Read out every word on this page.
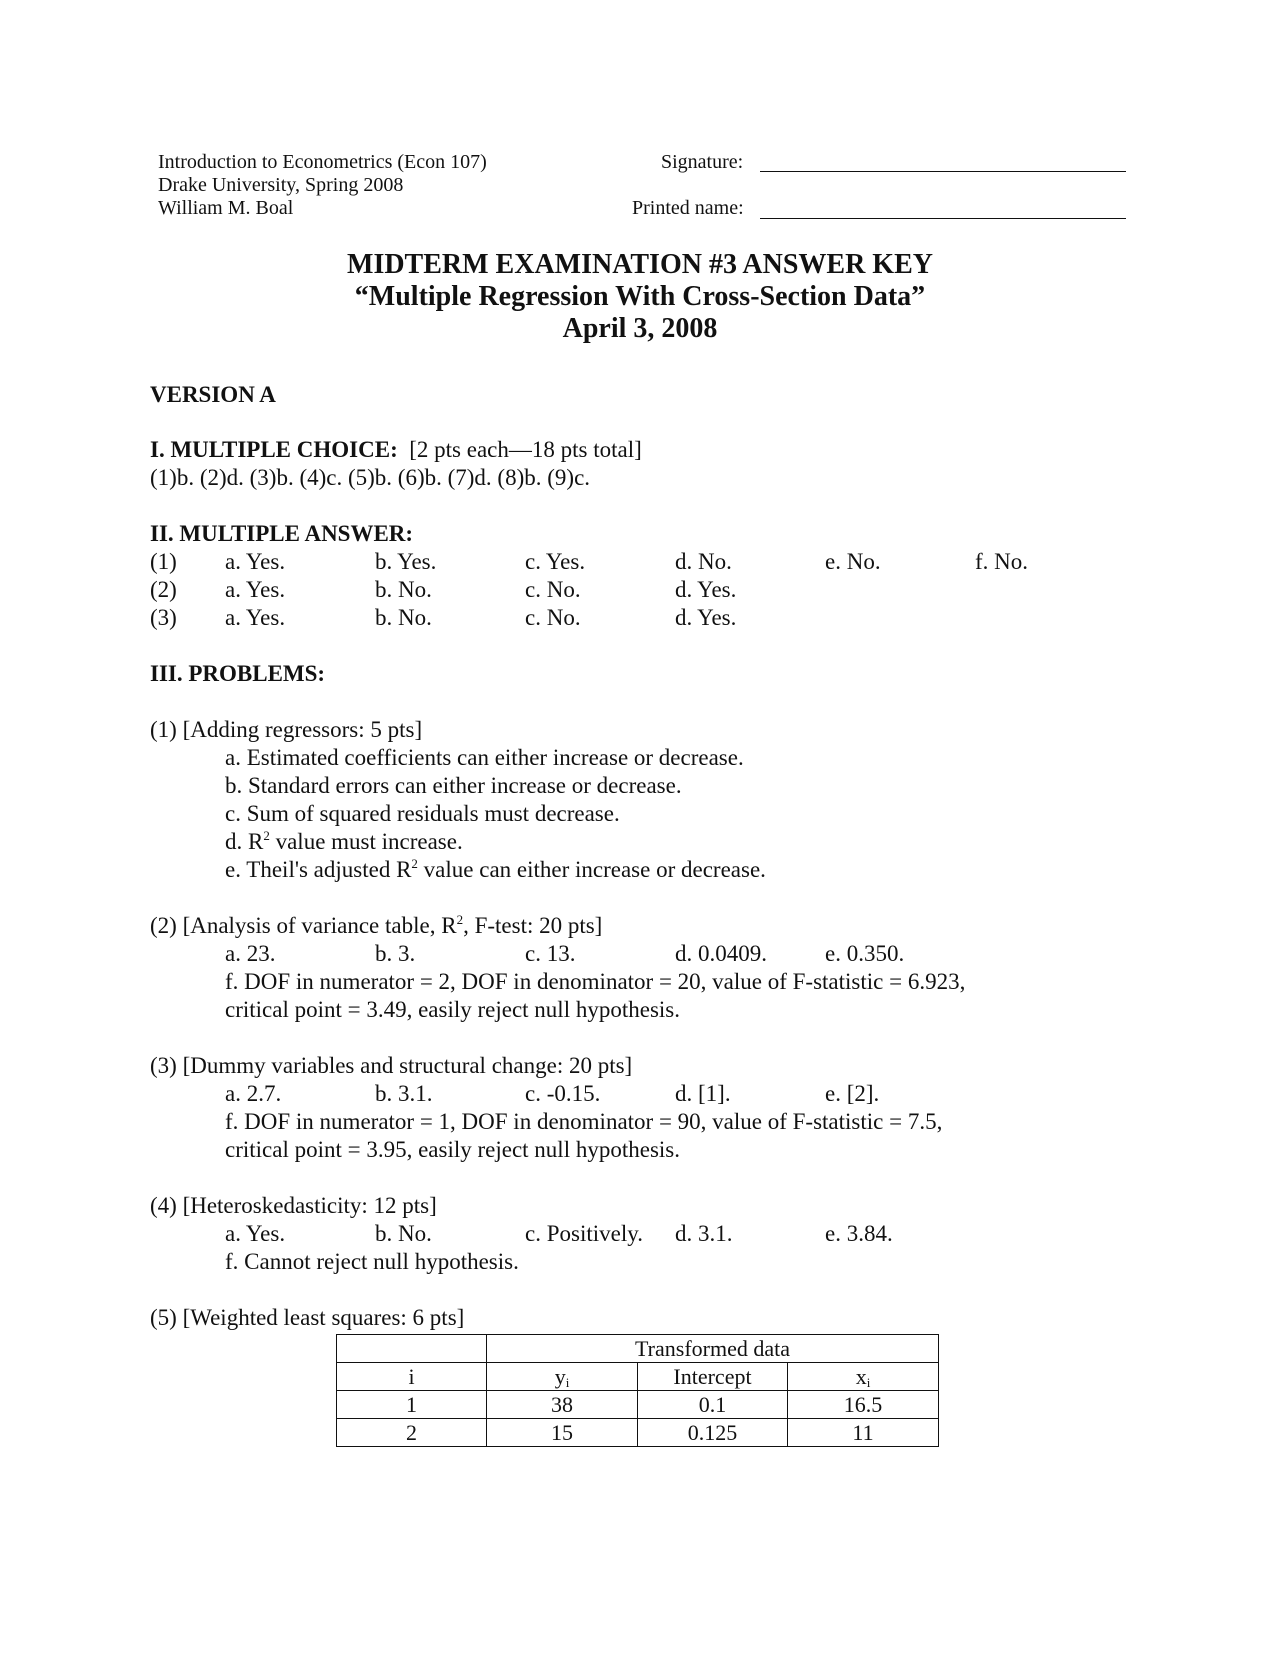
Introduction to Econometrics (Econ 107)
Drake University, Spring 2008
William M. Boal
Signature:
Printed name:
MIDTERM EXAMINATION #3 ANSWER KEY
“Multiple Regression With Cross-Section Data”
April 3, 2008
VERSION A
I. MULTIPLE CHOICE: [2 pts each—18 pts total]
(1)b. (2)d. (3)b. (4)c. (5)b. (6)b. (7)d. (8)b. (9)c.
II. MULTIPLE ANSWER:
(1) a. Yes.	b. Yes.	c. Yes.	d. No.	e. No.	f. No.
(2) a. Yes.	b. No.	c. No.	d. Yes.
(3) a. Yes.	b. No.	c. No.	d. Yes.
III. PROBLEMS:
(1) [Adding regressors: 5 pts]
a. Estimated coefficients can either increase or decrease.
b. Standard errors can either increase or decrease.
c. Sum of squared residuals must decrease.
d. $R^2$ value must increase.
e. Theil's adjusted $R^2$ value can either increase or decrease.
(2) [Analysis of variance table, $R^2$, F-test: 20 pts]
a. 23.	b. 3.	c. 13.	d. 0.0409.	e. 0.350.
f. DOF in numerator = 2, DOF in denominator = 20, value of F-statistic = 6.923,
critical point = 3.49, easily reject null hypothesis.
(3) [Dummy variables and structural change: 20 pts]
a. 2.7.	b. 3.1.	c. -0.15.	d. [1].	e. [2].
f. DOF in numerator = 1, DOF in denominator = 90, value of F-statistic = 7.5,
critical point = 3.95, easily reject null hypothesis.
(4) [Heteroskedasticity: 12 pts]
a. Yes.	b. No.	c. Positively. d. 3.1.	e. 3.84.
f. Cannot reject null hypothesis.
(5) [Weighted least squares: 6 pts]
	Transformed data		
i	$y_i$	Intercept	$x_i$
1	38	0.1	16.5
2	15	0.125	11
